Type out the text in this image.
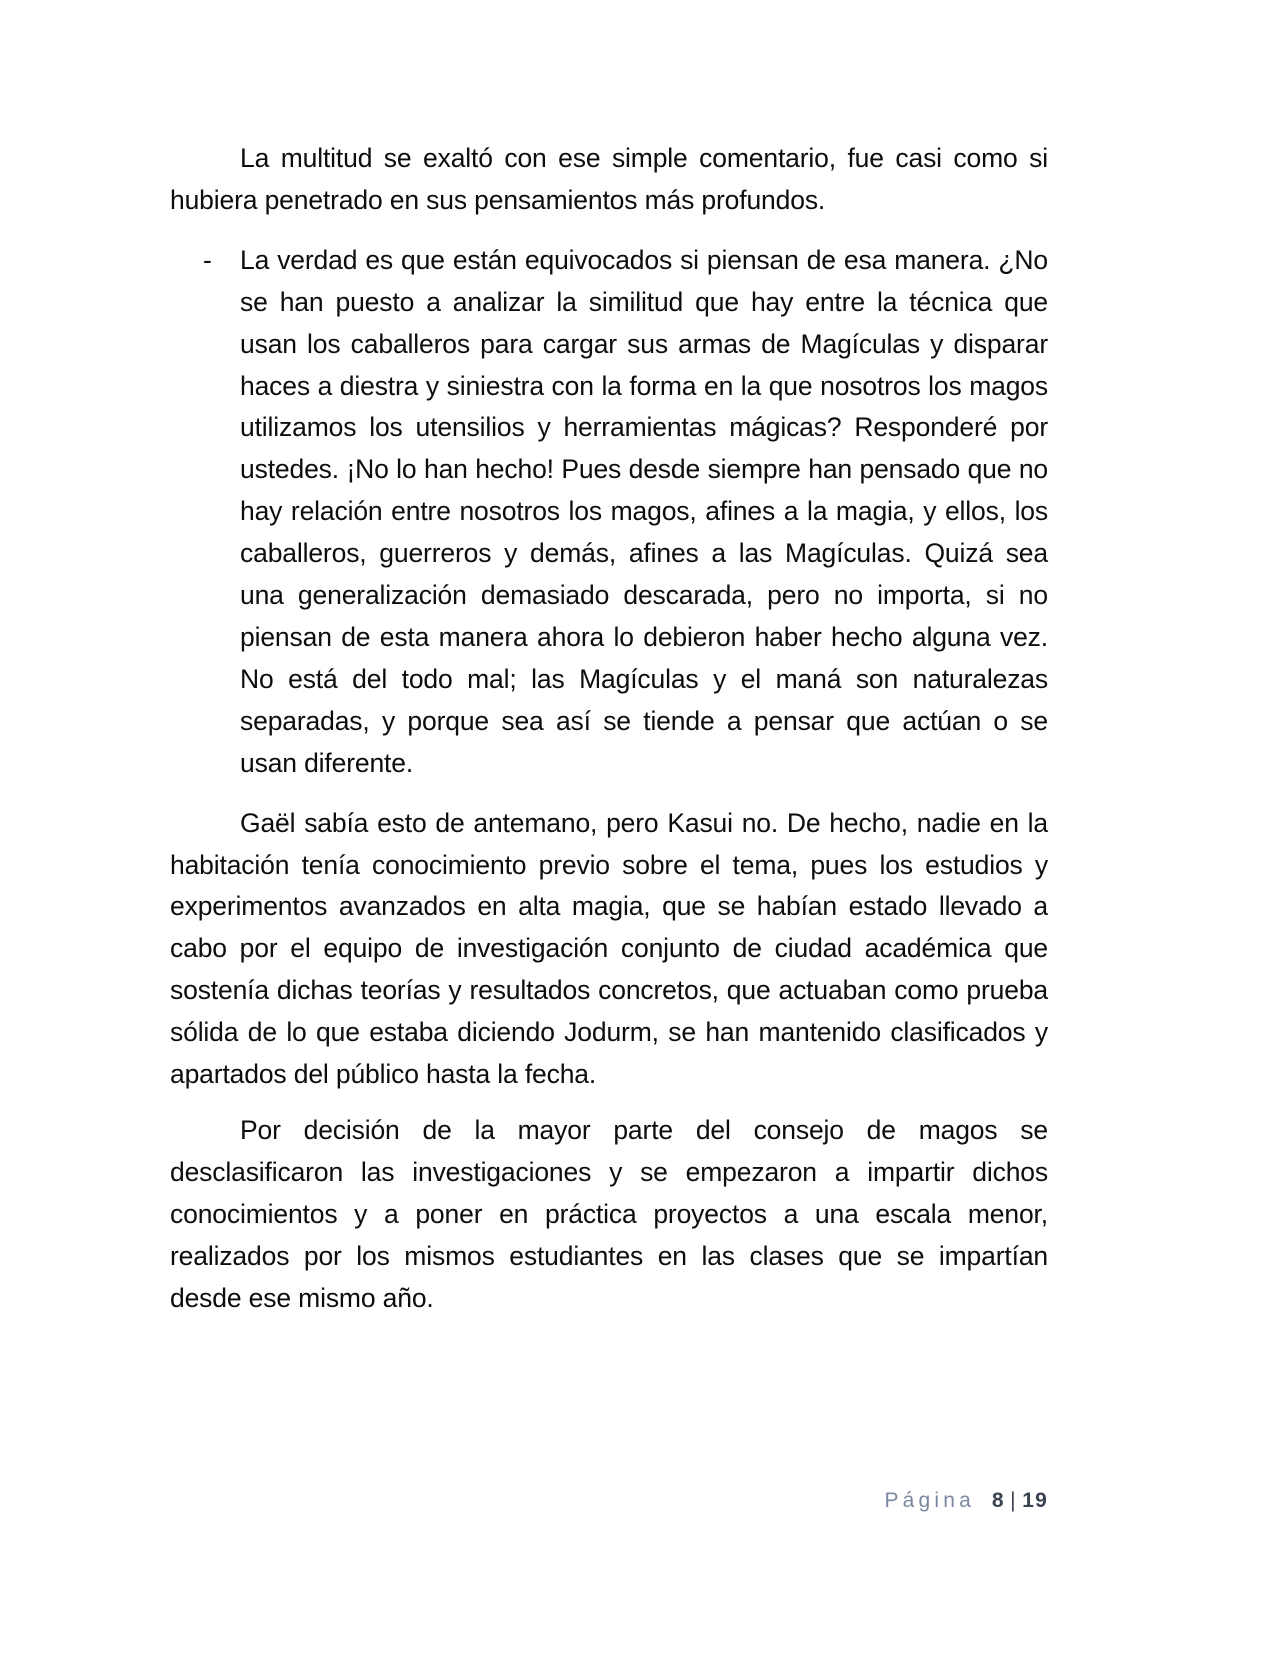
La multitud se exaltó con ese simple comentario, fue casi como si hubiera penetrado en sus pensamientos más profundos.

-	La verdad es que están equivocados si piensan de esa manera. ¿No se han puesto a analizar la similitud que hay entre la técnica que usan los caballeros para cargar sus armas de Magículas y disparar haces a diestra y siniestra con la forma en la que nosotros los magos utilizamos los utensilios y herramientas mágicas? Responderé por ustedes. ¡No lo han hecho! Pues desde siempre han pensado que no hay relación entre nosotros los magos, afines a la magia, y ellos, los caballeros, guerreros y demás, afines a las Magículas. Quizá sea una generalización demasiado descarada, pero no importa, si no piensan de esta manera ahora lo debieron haber hecho alguna vez. No está del todo mal; las Magículas y el maná son naturalezas separadas, y porque sea así se tiende a pensar que actúan o se usan diferente.

Gaël sabía esto de antemano, pero Kasui no. De hecho, nadie en la habitación tenía conocimiento previo sobre el tema, pues los estudios y experimentos avanzados en alta magia, que se habían estado llevado a cabo por el equipo de investigación conjunto de ciudad académica que sostenía dichas teorías y resultados concretos, que actuaban como prueba sólida de lo que estaba diciendo Jodurm, se han mantenido clasificados y apartados del público hasta la fecha.

Por decisión de la mayor parte del consejo de magos se desclasificaron las investigaciones y se empezaron a impartir dichos conocimientos y a poner en práctica proyectos a una escala menor, realizados por los mismos estudiantes en las clases que se impartían desde ese mismo año.

Página  8 | 19
